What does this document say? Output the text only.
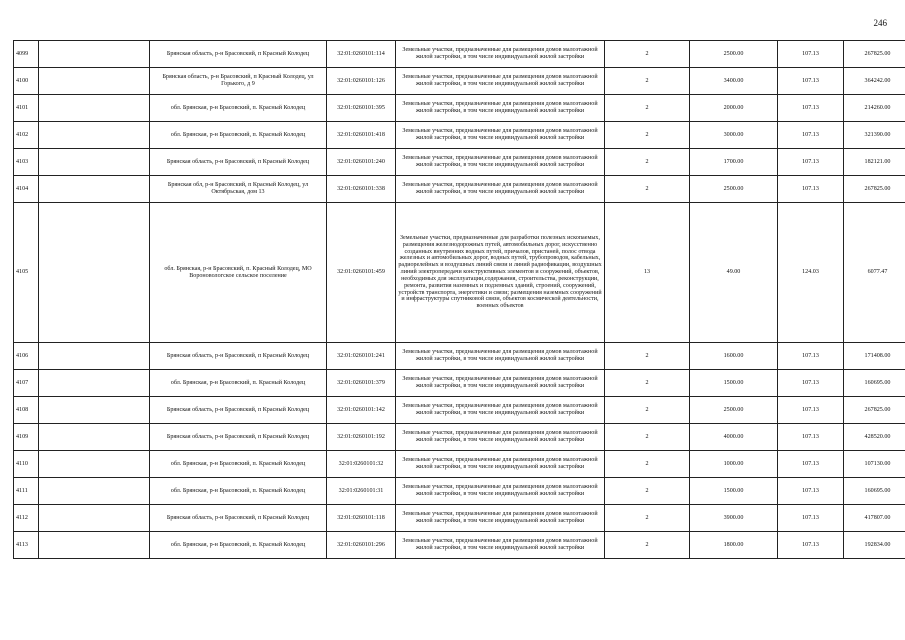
246
4099		Брянская область, р-н Брасовский, п Красный Колодец	32:01:0260101:114	Земельные участки, предназначенные для размещения домов малоэтажной жилой застройки, в том числе индивидуальной жилой застройки	2	2500.00	107.13	267825.00
4100		Брянская область, р-н Брасовский, п Красный Колодец, ул Горького, д 9	32:01:0260101:126	Земельные участки, предназначенные для размещения домов малоэтажной жилой застройки, в том числе индивидуальной жилой застройки	2	3400.00	107.13	364242.00
4101		обл. Брянская, р-н Брасовский, п. Красный Колодец	32:01:0260101:395	Земельные участки, предназначенные для размещения домов малоэтажной жилой застройки, в том числе индивидуальной жилой застройки	2	2000.00	107.13	214260.00
4102		обл. Брянская, р-н Брасовский, п. Красный Колодец	32:01:0260101:418	Земельные участки, предназначенные для размещения домов малоэтажной жилой застройки, в том числе индивидуальной жилой застройки	2	3000.00	107.13	321390.00
4103		Брянская область, р-н Брасовский, п Красный Колодец	32:01:0260101:240	Земельные участки, предназначенные для размещения домов малоэтажной жилой застройки, в том числе индивидуальной жилой застройки	2	1700.00	107.13	182121.00
4104		Брянская обл, р-н Брасовский, п Красный Колодец, ул Октябрьская, дом 13	32:01:0260101:338	Земельные участки, предназначенные для размещения домов малоэтажной жилой застройки, в том числе индивидуальной жилой застройки	2	2500.00	107.13	267825.00
4105		обл. Брянская, р-н Брасовский, п. Красный Колодец, МО Вороновологское сельское поселение	32:01:0260101:459	Земельные участки, предназначенные для разработки полезных ископаемых, размещения железнодорожных путей, автомобильных дорог, искусственно созданных внутренних водных путей, причалов, пристаней, полос отвода железных и автомобильных дорог, водных путей, трубопроводов, кабельных, радиорелейных и воздушных линий связи и линий радиофикации, воздушных линий электропередачи конструктивных элементов и сооружений, объектов, необходимых для эксплуатации,содержания, строительства, реконструкции, ремонта, развития наземных и подземных зданий, строений, сооружений, устройств транспорта, энергетики и связи; размещения наземных сооружений и инфраструктуры спутниковой связи, объектов космической деятельности, военных объектов	13	49.00	124.03	6077.47
4106		Брянская область, р-н Брасовский, п Красный Колодец	32:01:0260101:241	Земельные участки, предназначенные для размещения домов малоэтажной жилой застройки, в том числе индивидуальной жилой застройки	2	1600.00	107.13	171408.00
4107		обл. Брянская, р-н Брасовский, п. Красный Колодец	32:01:0260101:379	Земельные участки, предназначенные для размещения домов малоэтажной жилой застройки, в том числе индивидуальной жилой застройки	2	1500.00	107.13	160695.00
4108		Брянская область, р-н Брасовский, п Красный Колодец	32:01:0260101:142	Земельные участки, предназначенные для размещения домов малоэтажной жилой застройки, в том числе индивидуальной жилой застройки	2	2500.00	107.13	267825.00
4109		Брянская область, р-н Брасовский, п Красный Колодец	32:01:0260101:192	Земельные участки, предназначенные для размещения домов малоэтажной жилой застройки, в том числе индивидуальной жилой застройки	2	4000.00	107.13	428520.00
4110		обл. Брянская, р-н Брасовский, п. Красный Колодец	32:01:0260101:32	Земельные участки, предназначенные для размещения домов малоэтажной жилой застройки, в том числе индивидуальной жилой застройки	2	1000.00	107.13	107130.00
4111		обл. Брянская, р-н Брасовский, п. Красный Колодец	32:01:0260101:31	Земельные участки, предназначенные для размещения домов малоэтажной жилой застройки, в том числе индивидуальной жилой застройки	2	1500.00	107.13	160695.00
4112		Брянская область, р-н Брасовский, п Красный Колодец	32:01:0260101:118	Земельные участки, предназначенные для размещения домов малоэтажной жилой застройки, в том числе индивидуальной жилой застройки	2	3900.00	107.13	417807.00
4113		обл. Брянская, р-н Брасовский, п. Красный Колодец	32:01:0260101:296	Земельные участки, предназначенные для размещения домов малоэтажной жилой застройки, в том числе индивидуальной жилой застройки	2	1800.00	107.13	192834.00
